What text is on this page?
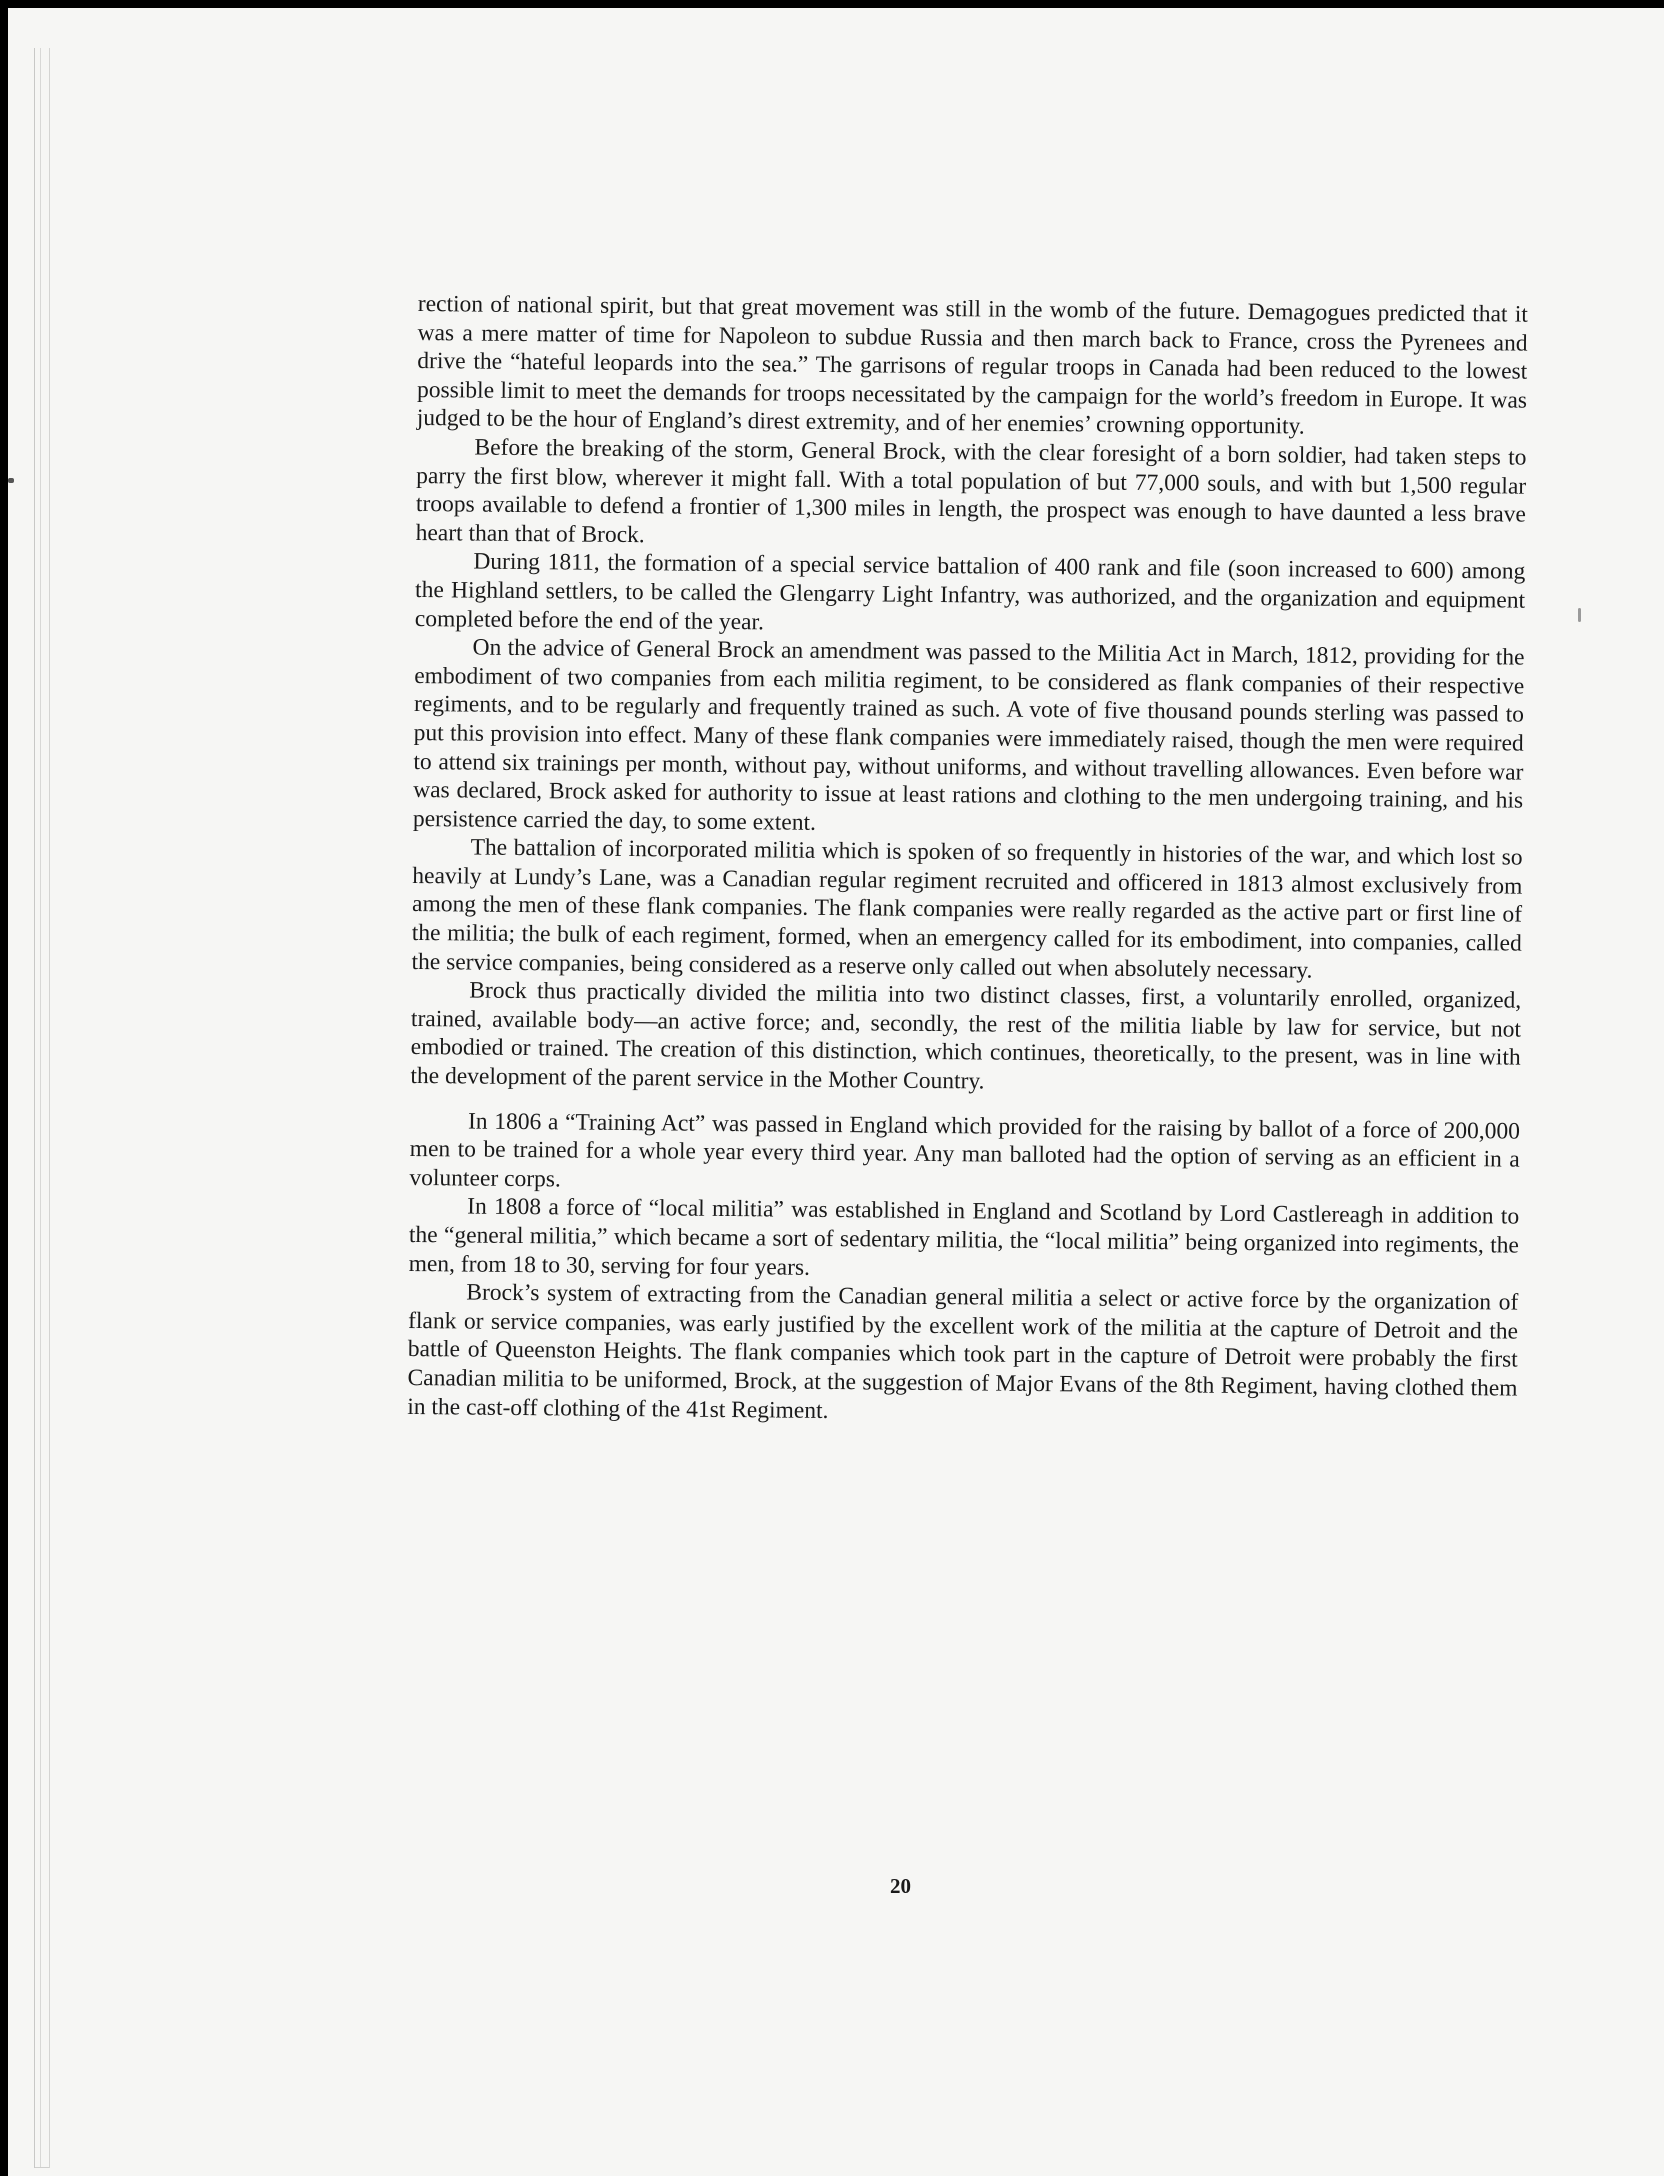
rection of national spirit, but that great movement was still in the womb of the future. Demagogues predicted that it was a mere matter of time for Napoleon to subdue Russia and then march back to France, cross the Pyrenees and drive the “hateful leopards into the sea.” The garrisons of regular troops in Canada had been reduced to the lowest possible limit to meet the demands for troops necessitated by the campaign for the world’s freedom in Europe. It was judged to be the hour of England’s direst extremity, and of her enemies’ crowning opportunity.

Before the breaking of the storm, General Brock, with the clear foresight of a born soldier, had taken steps to parry the first blow, wherever it might fall. With a total population of but 77,000 souls, and with but 1,500 regular troops available to defend a frontier of 1,300 miles in length, the prospect was enough to have daunted a less brave heart than that of Brock.

During 1811, the formation of a special service battalion of 400 rank and file (soon increased to 600) among the Highland settlers, to be called the Glengarry Light Infantry, was authorized, and the organization and equipment completed before the end of the year.

On the advice of General Brock an amendment was passed to the Militia Act in March, 1812, providing for the embodiment of two companies from each militia regiment, to be considered as flank companies of their respective regiments, and to be regularly and frequently trained as such. A vote of five thousand pounds sterling was passed to put this provision into effect. Many of these flank companies were immediately raised, though the men were required to attend six trainings per month, without pay, without uniforms, and without travelling allowances. Even before war was declared, Brock asked for authority to issue at least rations and clothing to the men undergoing training, and his persistence carried the day, to some extent.

The battalion of incorporated militia which is spoken of so frequently in histories of the war, and which lost so heavily at Lundy’s Lane, was a Canadian regular regiment recruited and officered in 1813 almost exclusively from among the men of these flank companies. The flank companies were really regarded as the active part or first line of the militia; the bulk of each regiment, formed, when an emergency called for its embodiment, into companies, called the service companies, being considered as a reserve only called out when absolutely necessary.

Brock thus practically divided the militia into two distinct classes, first, a voluntarily enrolled, organized, trained, available body—an active force; and, secondly, the rest of the militia liable by law for service, but not embodied or trained. The creation of this distinction, which continues, theoretically, to the present, was in line with the development of the parent service in the Mother Country.

In 1806 a “Training Act” was passed in England which provided for the raising by ballot of a force of 200,000 men to be trained for a whole year every third year. Any man balloted had the option of serving as an efficient in a volunteer corps.

In 1808 a force of “local militia” was established in England and Scotland by Lord Castlereagh in addition to the “general militia,” which became a sort of sedentary militia, the “local militia” being organized into regiments, the men, from 18 to 30, serving for four years.

Brock’s system of extracting from the Canadian general militia a select or active force by the organization of flank or service companies, was early justified by the excellent work of the militia at the capture of Detroit and the battle of Queenston Heights. The flank companies which took part in the capture of Detroit were probably the first Canadian militia to be uniformed, Brock, at the suggestion of Major Evans of the 8th Regiment, having clothed them in the cast-off clothing of the 41st Regiment.

20
